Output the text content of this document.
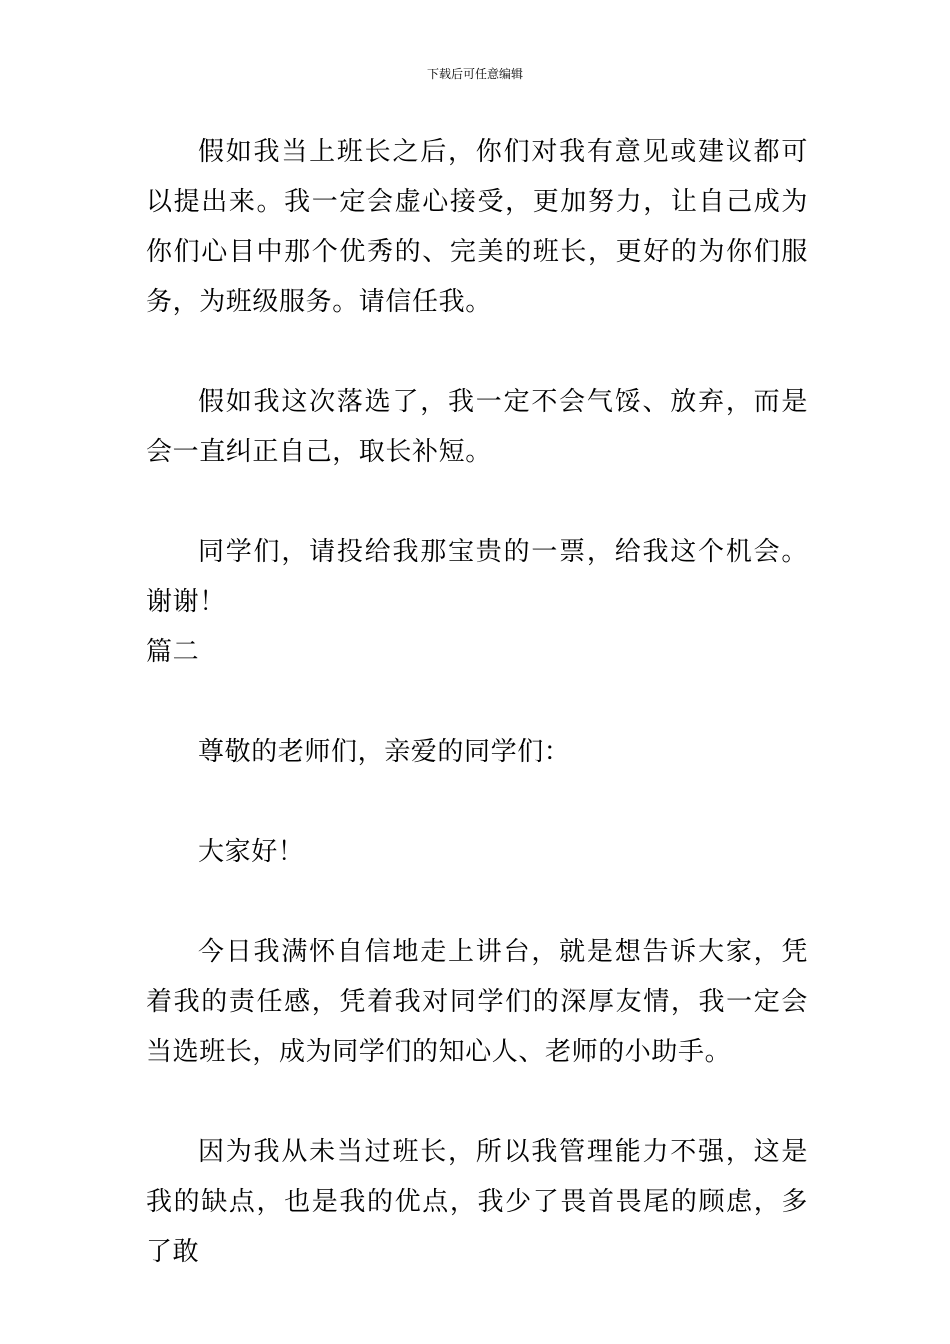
下载后可任意编辑

假如我当上班长之后，你们对我有意见或建议都可以提出来。我一定会虚心接受，更加努力，让自己成为你们心目中那个优秀的、完美的班长，更好的为你们服务，为班级服务。请信任我。

假如我这次落选了，我一定不会气馁、放弃，而是会一直纠正自己，取长补短。

同学们，请投给我那宝贵的一票，给我这个机会。谢谢！

篇二

尊敬的老师们，亲爱的同学们：

大家好！

今日我满怀自信地走上讲台，就是想告诉大家，凭着我的责任感，凭着我对同学们的深厚友情，我一定会当选班长，成为同学们的知心人、老师的小助手。

因为我从未当过班长，所以我管理能力不强，这是我的缺点，也是我的优点，我少了畏首畏尾的顾虑，多了敢
